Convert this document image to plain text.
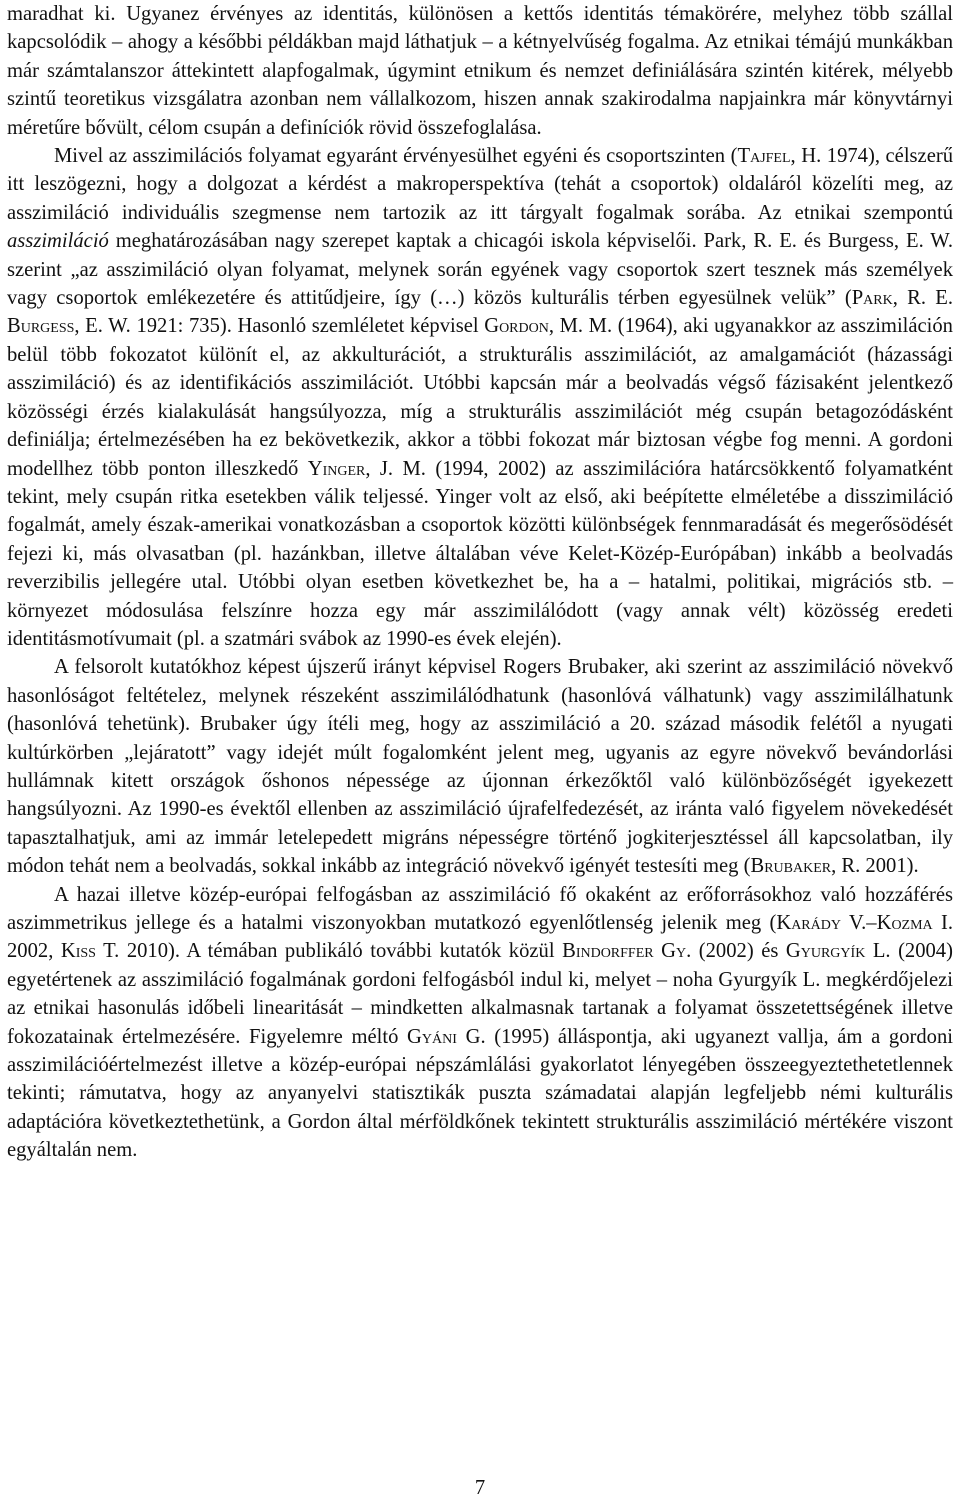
maradhat ki. Ugyanez érvényes az identitás, különösen a kettős identitás témakörére, melyhez több szállal kapcsolódik – ahogy a későbbi példákban majd láthatjuk – a kétnyelvűség fogalma. Az etnikai témájú munkákban már számtalanszor áttekintett alapfogalmak, úgymint etnikum és nemzet definiálására szintén kitérek, mélyebb szintű teoretikus vizsgálatra azonban nem vállalkozom, hiszen annak szakirodalma napjainkra már könyvtárnyi méretűre bővült, célom csupán a definíciók rövid összefoglalása.

Mivel az asszimilációs folyamat egyaránt érvényesülhet egyéni és csoportszinten (Tajfel, H. 1974), célszerű itt leszögezni, hogy a dolgozat a kérdést a makroperspektíva (tehát a csoportok) oldaláról közelíti meg, az asszimiláció individuális szegmense nem tartozik az itt tárgyalt fogalmak sorába. Az etnikai szempontú asszimiláció meghatározásában nagy szerepet kaptak a chicagói iskola képviselői. Park, R. E. és Burgess, E. W. szerint „az asszimiláció olyan folyamat, melynek során egyének vagy csoportok szert tesznek más személyek vagy csoportok emlékezetére és attitűdjeire, így (…) közös kulturális térben egyesülnek velük” (Park, R. E. Burgess, E. W. 1921: 735). Hasonló szemléletet képvisel Gordon, M. M. (1964), aki ugyanakkor az asszimiláción belül több fokozatot különít el, az akkulturációt, a strukturális asszimilációt, az amalgamációt (házassági asszimiláció) és az identifikációs asszimilációt. Utóbbi kapcsán már a beolvadás végső fázisaként jelentkező közösségi érzés kialakulását hangsúlyozza, míg a strukturális asszimilációt még csupán betagozódásként definiálja; értelmezésében ha ez bekövetkezik, akkor a többi fokozat már biztosan végbe fog menni. A gordoni modellhez több ponton illeszkedő Yinger, J. M. (1994, 2002) az asszimilációra határcsökkentő folyamatként tekint, mely csupán ritka esetekben válik teljessé. Yinger volt az első, aki beépítette elméletébe a disszimiláció fogalmát, amely észak-amerikai vonatkozásban a csoportok közötti különbségek fennmaradását és megerősödését fejezi ki, más olvasatban (pl. hazánkban, illetve általában véve Kelet-Közép-Európában) inkább a beolvadás reverzibilis jellegére utal. Utóbbi olyan esetben következhet be, ha a – hatalmi, politikai, migrációs stb. – környezet módosulása felszínre hozza egy már asszimilálódott (vagy annak vélt) közösség eredeti identitásmotívumait (pl. a szatmári svábok az 1990-es évek elején).

A felsorolt kutatókhoz képest újszerű irányt képvisel Rogers Brubaker, aki szerint az asszimiláció növekvő hasonlóságot feltételez, melynek részeként asszimilálódhatunk (hasonlóvá válhatunk) vagy asszimilálhatunk (hasonlóvá tehetünk). Brubaker úgy ítéli meg, hogy az asszimiláció a 20. század második felétől a nyugati kultúrkörben „lejáratott” vagy idejét múlt fogalomként jelent meg, ugyanis az egyre növekvő bevándorlási hullámnak kitett országok őshonos népessége az újonnan érkezőktől való különbözőségét igyekezett hangsúlyozni. Az 1990-es évektől ellenben az asszimiláció újrafelfedezését, az iránta való figyelem növekedését tapasztalhatjuk, ami az immár letelepedett migráns népességre történő jogkiterjesztéssel áll kapcsolatban, ily módon tehát nem a beolvadás, sokkal inkább az integráció növekvő igényét testesíti meg (Brubaker, R. 2001).

A hazai illetve közép-európai felfogásban az asszimiláció fő okaként az erőforrásokhoz való hozzáférés aszimmetrikus jellege és a hatalmi viszonyokban mutatkozó egyenlőtlenség jelenik meg (Karády V.–Kozma I. 2002, Kiss T. 2010). A témában publikáló további kutatók közül Bindorffer Gy. (2002) és Gyurgyík L. (2004) egyetértenek az asszimiláció fogalmának gordoni felfogásból indul ki, melyet – noha Gyurgyík L. megkérdőjelezi az etnikai hasonulás időbeli linearitását – mindketten alkalmasnak tartanak a folyamat összetettségének illetve fokozatainak értelmezésére. Figyelemre méltó Gyáni G. (1995) álláspontja, aki ugyanezt vallja, ám a gordoni asszimilációértelmezést illetve a közép-európai népszámlálási gyakorlatot lényegében összeegyeztethetetlennek tekinti; rámutatva, hogy az anyanyelvi statisztikák puszta számadatai alapján legfeljebb némi kulturális adaptációra következtethetünk, a Gordon által mérföldkőnek tekintett strukturális asszimiláció mértékére viszont egyáltalán nem.

7
